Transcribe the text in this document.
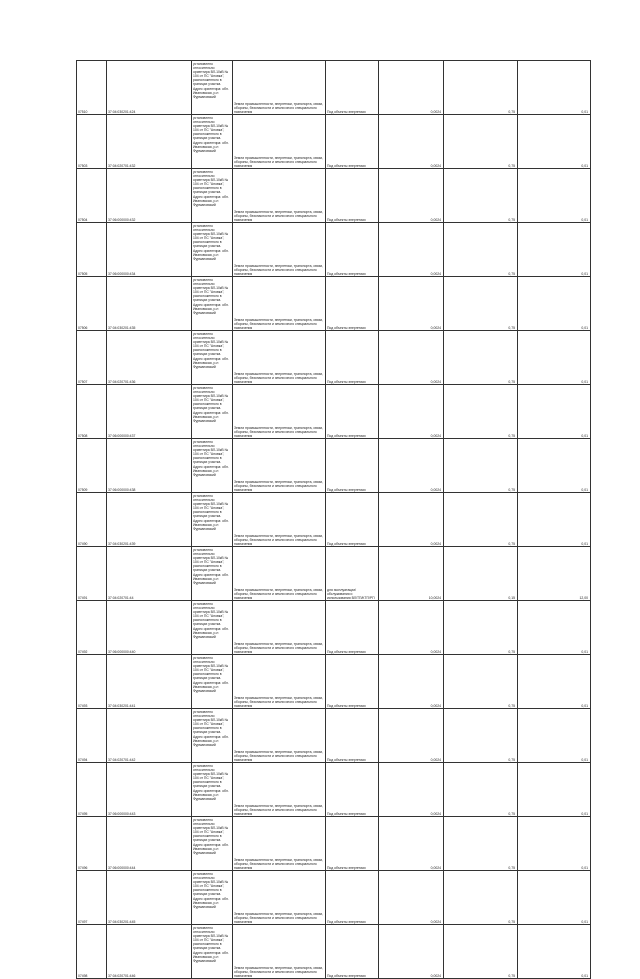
07510	37:04:030201:424	установлено относительно ориентира ВЛ-10кВ № 104 от ПС "Ановка", расположенного в границах участка. Адрес ориентира: обл. Ивановская, р-н Фурмановский	Земли промышленности, энергетики, транспорта, связи, обороны, безопасности и земли иного специального назначения	Под объекты энергетики	0,0024	0,75	0,01
07503	37:04:020701:432	установлено относительно ориентира ВЛ-10кВ № 104 от ПС "Ановка", расположенного в границах участка. Адрес ориентира: обл. Ивановская, р-н Фурмановский	Земли промышленности, энергетики, транспорта, связи, обороны, безопасности и земли иного специального назначения	Под объекты энергетики	0,0024	0,75	0,01
07504	37:06:000000:432	установлено относительно ориентира ВЛ-10кВ № 104 от ПС "Ановка", расположенного в границах участка. Адрес ориентира: обл. Ивановская, р-н Фурмановский	Земли промышленности, энергетики, транспорта, связи, обороны, безопасности и земли иного специального назначения	Под объекты энергетики	0,0024	0,75	0,01
07505	37:06:000000:434	установлено относительно ориентира ВЛ-10кВ № 104 от ПС "Ановка", расположенного в границах участка. Адрес ориентира: обл. Ивановская, р-н Фурмановский	Земли промышленности, энергетики, транспорта, связи, обороны, безопасности и земли иного специального назначения	Под объекты энергетики	0,0024	0,75	0,01
07506	37:04:030201:435	установлено относительно ориентира ВЛ-10кВ № 104 от ПС "Ановка", расположенного в границах участка. Адрес ориентира: обл. Ивановская, р-н Фурмановский	Земли промышленности, энергетики, транспорта, связи, обороны, безопасности и земли иного специального назначения	Под объекты энергетики	0,0024	0,75	0,01
07507	37:04:020701:436	установлено относительно ориентира ВЛ-10кВ № 104 от ПС "Ановка", расположенного в границах участка. Адрес ориентира: обл. Ивановская, р-н Фурмановский	Земли промышленности, энергетики, транспорта, связи, обороны, безопасности и земли иного специального назначения	Под объекты энергетики	0,0024	0,75	0,01
07508	37:06:000000:437	установлено относительно ориентира ВЛ-10кВ № 104 от ПС "Ановка", расположенного в границах участка. Адрес ориентира: обл. Ивановская, р-н Фурмановский	Земли промышленности, энергетики, транспорта, связи, обороны, безопасности и земли иного специального назначения	Под объекты энергетики	0,0024	0,75	0,01
07509	37:06:000000:438	установлено относительно ориентира ВЛ-10кВ № 104 от ПС "Ановка", расположенного в границах участка. Адрес ориентира: обл. Ивановская, р-н Фурмановский	Земли промышленности, энергетики, транспорта, связи, обороны, безопасности и земли иного специального назначения	Под объекты энергетики	0,0024	0,75	0,01
07490	37:04:030201:439	установлено относительно ориентира ВЛ-10кВ № 104 от ПС "Ановка", расположенного в границах участка. Адрес ориентира: обл. Ивановская, р-н Фурмановский	Земли промышленности, энергетики, транспорта, связи, обороны, безопасности и земли иного специального назначения	Под объекты энергетики	0,0024	0,75	0,01
07491	37:04:020701:44	установлено относительно ориентира ВЛ-10кВ № 104 от ПС "Ановка", расположенного в границах участка. Адрес ориентира: обл. Ивановская, р-н Фурмановский	Земли промышленности, энергетики, транспорта, связи, обороны, безопасности и земли иного специального назначения	для эксплуатации/обслуживания и использования ВЛ/ТП/КТП/РП	10,0024	0,15	12,00
07492	37:06:000000:440	установлено относительно ориентира ВЛ-10кВ № 104 от ПС "Ановка", расположенного в границах участка. Адрес ориентира: обл. Ивановская, р-н Фурмановский	Земли промышленности, энергетики, транспорта, связи, обороны, безопасности и земли иного специального назначения	Под объекты энергетики	0,0024	0,75	0,01
07493	37:04:030201:441	установлено относительно ориентира ВЛ-10кВ № 104 от ПС "Ановка", расположенного в границах участка. Адрес ориентира: обл. Ивановская, р-н Фурмановский	Земли промышленности, энергетики, транспорта, связи, обороны, безопасности и земли иного специального назначения	Под объекты энергетики	0,0024	0,75	0,01
07494	37:04:020701:442	установлено относительно ориентира ВЛ-10кВ № 104 от ПС "Ановка", расположенного в границах участка. Адрес ориентира: обл. Ивановская, р-н Фурмановский	Земли промышленности, энергетики, транспорта, связи, обороны, безопасности и земли иного специального назначения	Под объекты энергетики	0,0024	0,75	0,01
07495	37:06:000000:443	установлено относительно ориентира ВЛ-10кВ № 104 от ПС "Ановка", расположенного в границах участка. Адрес ориентира: обл. Ивановская, р-н Фурмановский	Земли промышленности, энергетики, транспорта, связи, обороны, безопасности и земли иного специального назначения	Под объекты энергетики	0,0024	0,75	0,01
07496	37:06:000000:444	установлено относительно ориентира ВЛ-10кВ № 104 от ПС "Ановка", расположенного в границах участка. Адрес ориентира: обл. Ивановская, р-н Фурмановский	Земли промышленности, энергетики, транспорта, связи, обороны, безопасности и земли иного специального назначения	Под объекты энергетики	0,0024	0,75	0,01
07497	37:04:030201:445	установлено относительно ориентира ВЛ-10кВ № 104 от ПС "Ановка", расположенного в границах участка. Адрес ориентира: обл. Ивановская, р-н Фурмановский	Земли промышленности, энергетики, транспорта, связи, обороны, безопасности и земли иного специального назначения	Под объекты энергетики	0,0024	0,75	0,01
07498	37:04:020701:446	установлено относительно ориентира ВЛ-10кВ № 104 от ПС "Ановка", расположенного в границах участка. Адрес ориентира: обл. Ивановская, р-н Фурмановский	Земли промышленности, энергетики, транспорта, связи, обороны, безопасности и земли иного специального назначения	Под объекты энергетики	0,0024	0,75	0,01
